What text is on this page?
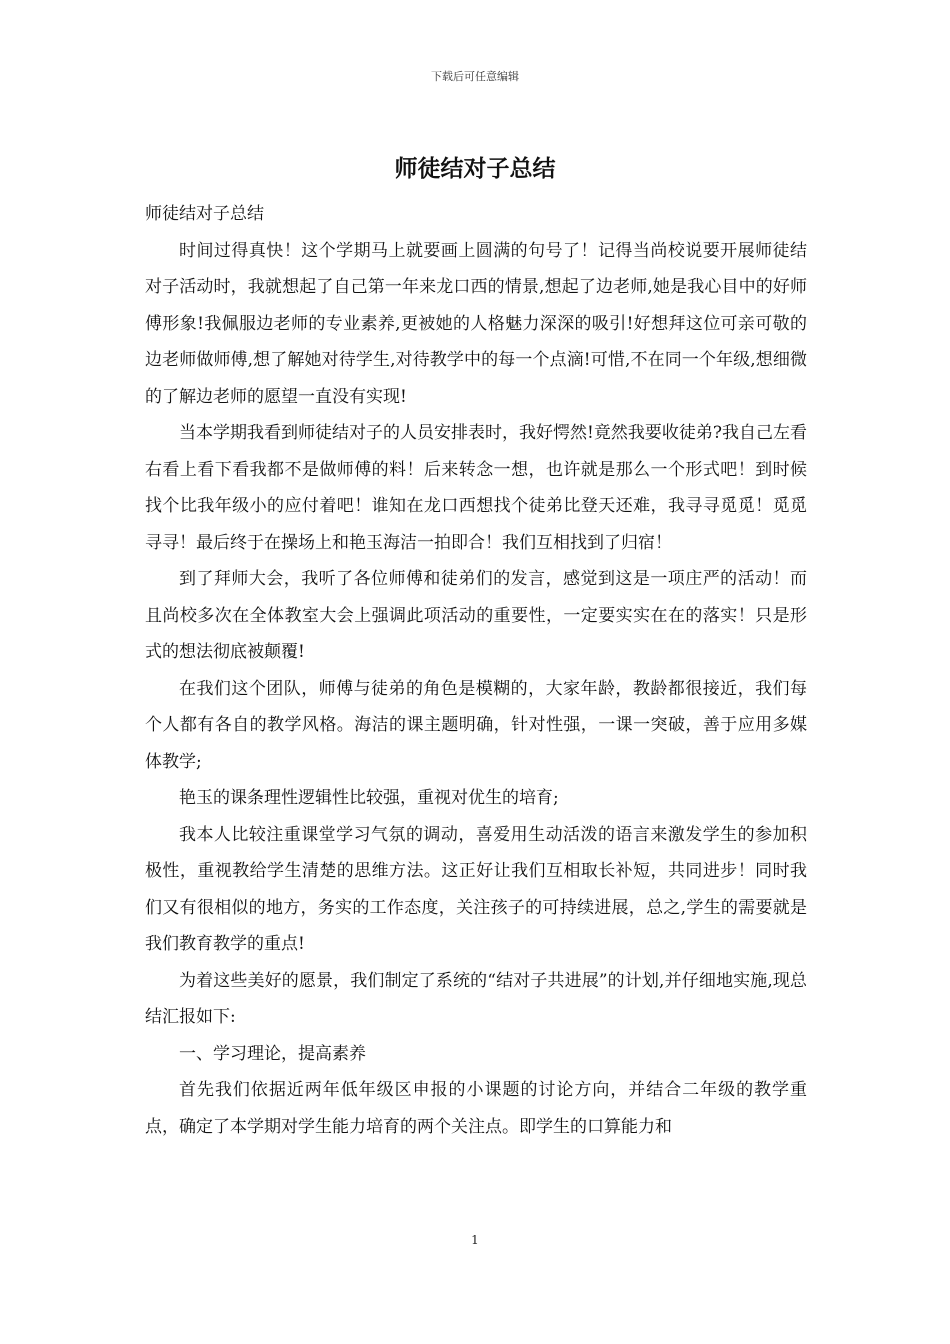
下载后可任意编辑
师徒结对子总结

师徒结对子总结

时间过得真快！这个学期马上就要画上圆满的句号了！记得当尚校说要开展师徒结对子活动时，我就想起了自己第一年来龙口西的情景,想起了边老师,她是我心目中的好师傅形象!我佩服边老师的专业素养,更被她的人格魅力深深的吸引!好想拜这位可亲可敬的边老师做师傅,想了解她对待学生,对待教学中的每一个点滴!可惜,不在同一个年级,想细微的了解边老师的愿望一直没有实现!

当本学期我看到师徒结对子的人员安排表时，我好愕然!竟然我要收徒弟?我自己左看右看上看下看我都不是做师傅的料！后来转念一想，也许就是那么一个形式吧！到时候找个比我年级小的应付着吧！谁知在龙口西想找个徒弟比登天还难，我寻寻觅觅！觅觅寻寻！最后终于在操场上和艳玉海洁一拍即合！我们互相找到了归宿！

到了拜师大会，我听了各位师傅和徒弟们的发言，感觉到这是一项庄严的活动！而且尚校多次在全体教室大会上强调此项活动的重要性，一定要实实在在的落实！只是形式的想法彻底被颠覆!

在我们这个团队，师傅与徒弟的角色是模糊的，大家年龄，教龄都很接近，我们每个人都有各自的教学风格。海洁的课主题明确，针对性强，一课一突破，善于应用多媒体教学;

艳玉的课条理性逻辑性比较强，重视对优生的培育;

我本人比较注重课堂学习气氛的调动，喜爱用生动活泼的语言来激发学生的参加积极性，重视教给学生清楚的思维方法。这正好让我们互相取长补短，共同进步！同时我们又有很相似的地方，务实的工作态度，关注孩子的可持续进展，总之,学生的需要就是我们教育教学的重点!

为着这些美好的愿景，我们制定了系统的“结对子共进展”的计划,并仔细地实施,现总结汇报如下:

一、学习理论，提高素养

首先我们依据近两年低年级区申报的小课题的讨论方向，并结合二年级的教学重点，确定了本学期对学生能力培育的两个关注点。即学生的口算能力和

1
